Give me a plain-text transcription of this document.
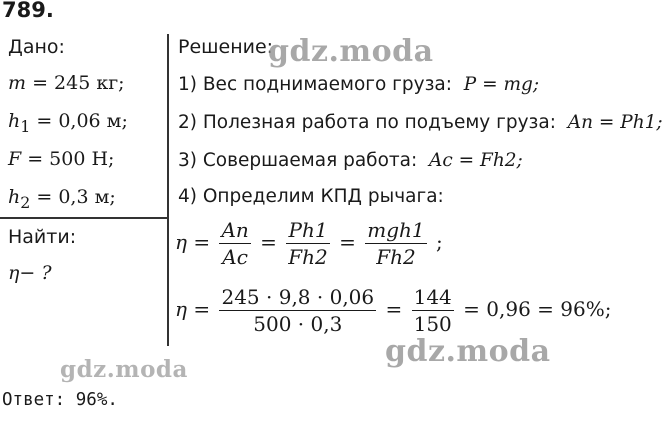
789.
Дано:
m = 245 кг;
$h_1 = 0,06$ м;
F = 500 Н;
$h_2 = 0,3$ м;
Найти:
η− ?
Решение:
1) Вес поднимаемого груза: P = mg;
2) Полезная работа по подъему груза: Aп = Ph1;
3) Совершаемая работа: Aс = Fh2;
4) Определим КПД рычага:
$\eta = \frac{Aп}{Aс} = \frac{Ph1}{Fh2} = \frac{\text{mgh1}}{Fh2}$ ;
$\eta = \frac{245 \cdot 9,8 \cdot 0,06}{500 \cdot 0,3} = \frac{144}{150} = 0,96 = 96\%$;
gdz.moda
gdz.moda
gdz.moda
Ответ: 96%.
